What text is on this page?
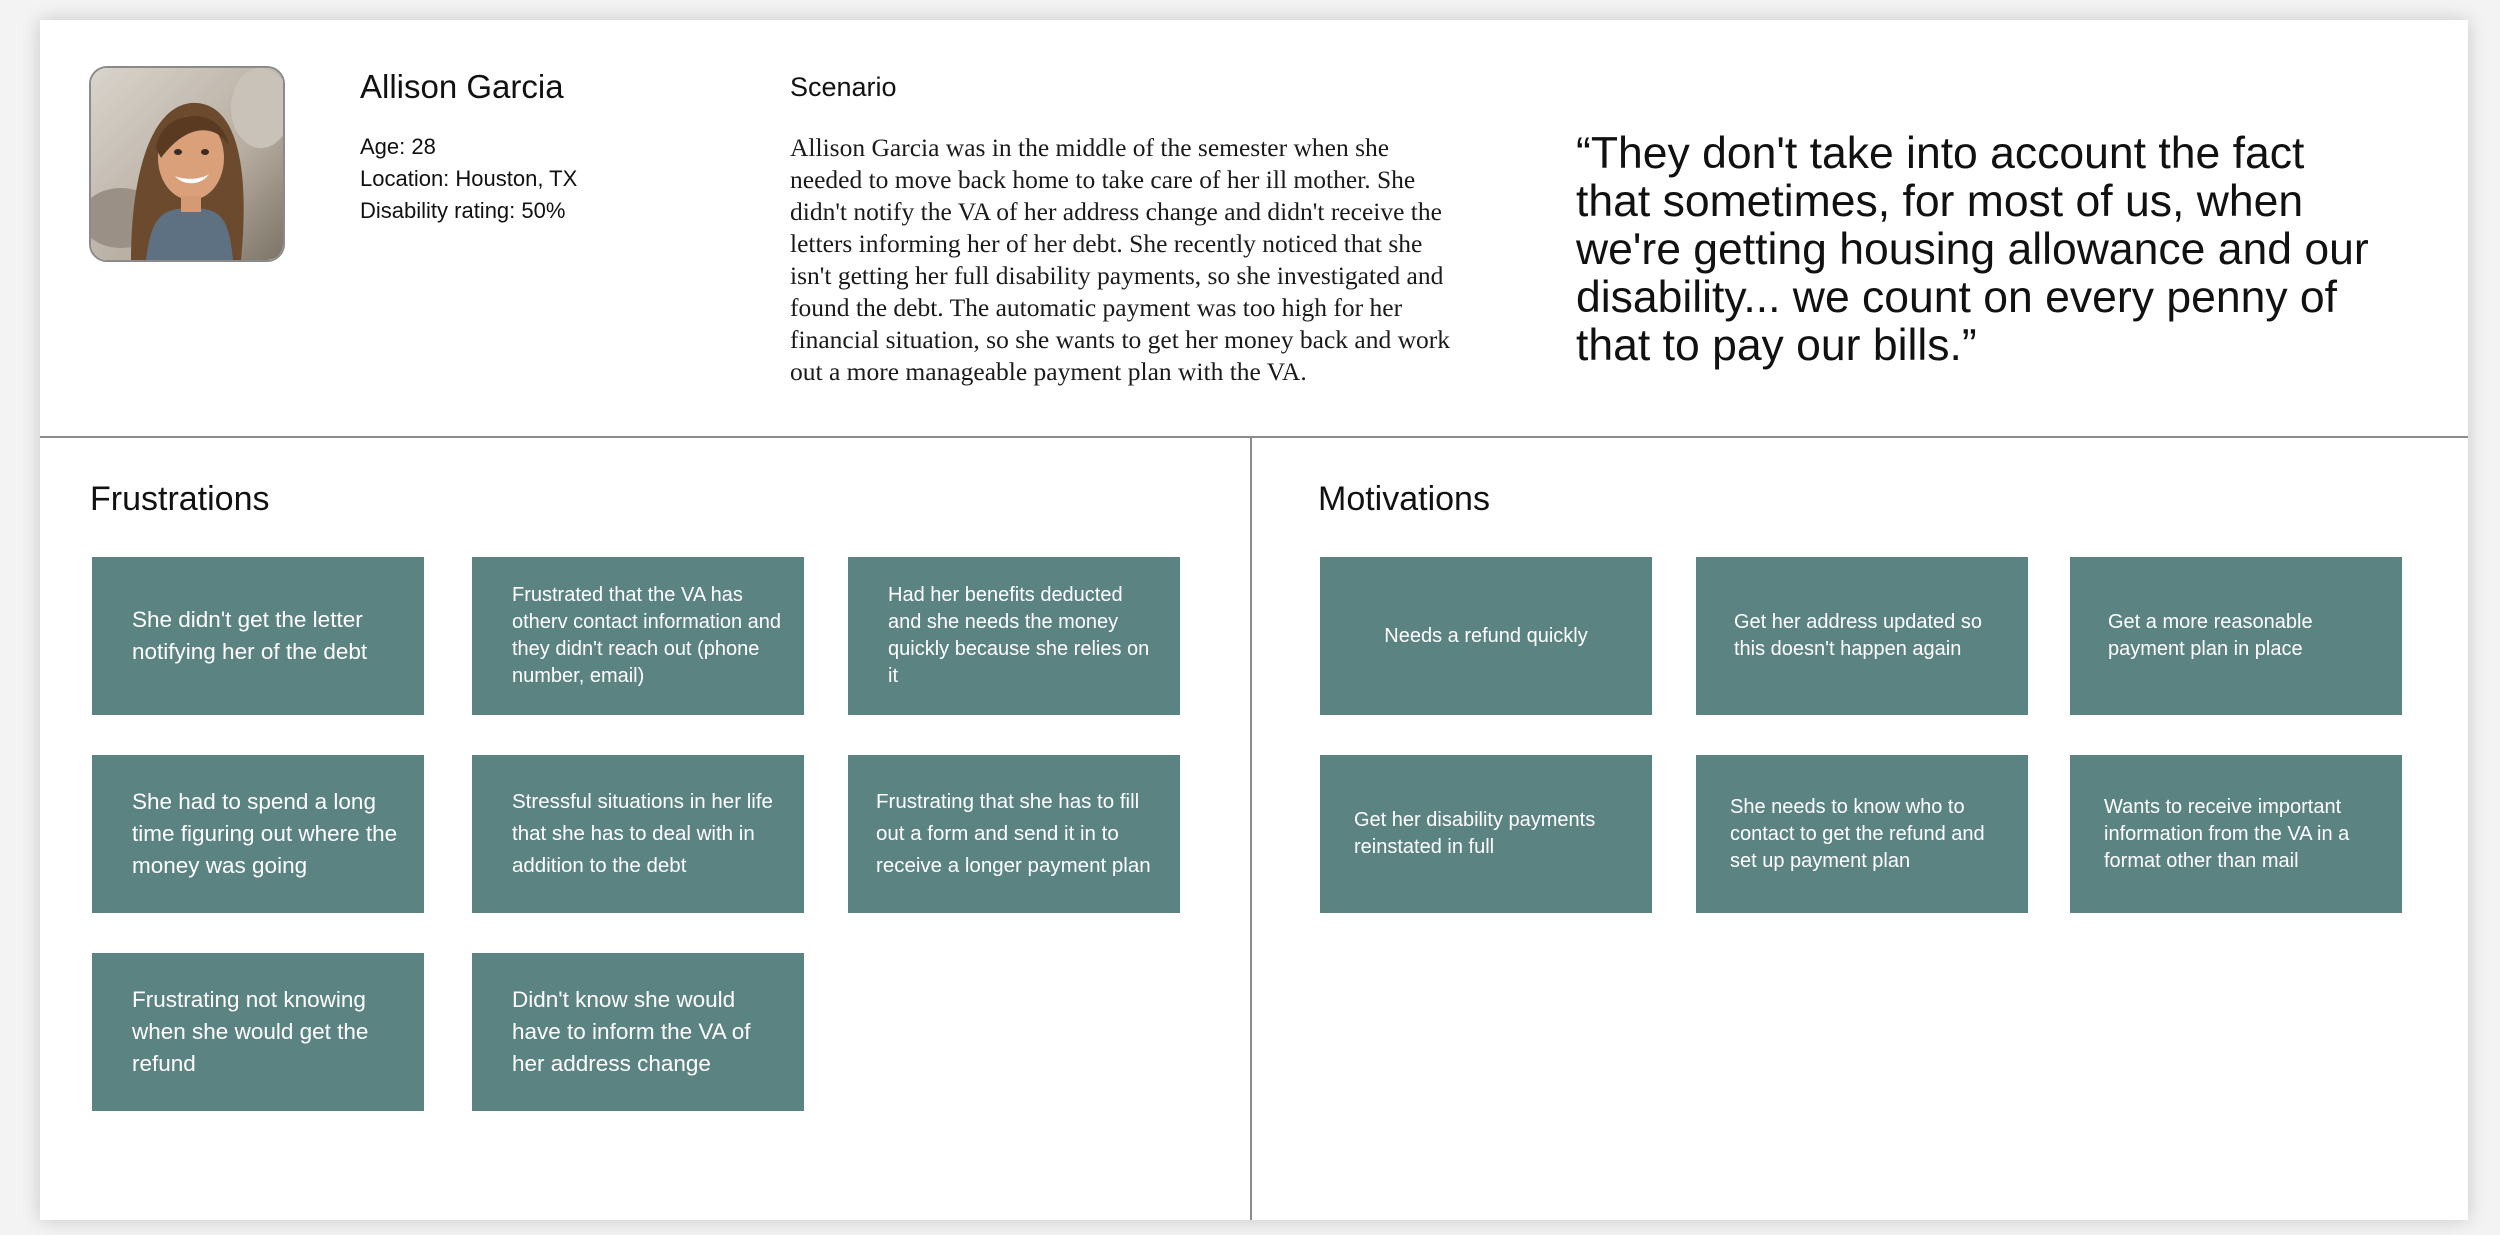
Allison Garcia
Age: 28
Location: Houston, TX
Disability rating: 50%
Scenario
Allison Garcia was in the middle of the semester when she needed to move back home to take care of her ill mother. She didn't notify the VA of her address change and didn't receive the letters informing her of her debt. She recently noticed that she isn't getting her full disability payments, so she investigated and found the debt. The automatic payment was too high for her financial situation, so she wants to get her money back and work out a more manageable payment plan with the VA.
“They don't take into account the fact that sometimes, for most of us, when we're getting housing allowance and our disability... we count on every penny of that to pay our bills.”
Frustrations	Motivations
She didn't get the letter notifying her of the debt
Frustrated that the VA has otherv contact information and they didn't reach out (phone number, email)
Had her benefits deducted and she needs the money quickly because she relies on it
She had to spend a long time figuring out where the money was going
Stressful situations in her life that she has to deal with in addition to the debt
Frustrating that she has to fill out a form and send it in to receive a longer payment plan
Frustrating not knowing when she would get the refund
Didn't know she would have to inform the VA of her address change
Needs a refund quickly
Get her address updated so this doesn't happen again
Get a more reasonable payment plan in place
Get her disability payments reinstated in full
She needs to know who to contact to get the refund and set up payment plan
Wants to receive important information from the VA in a format other than mail
